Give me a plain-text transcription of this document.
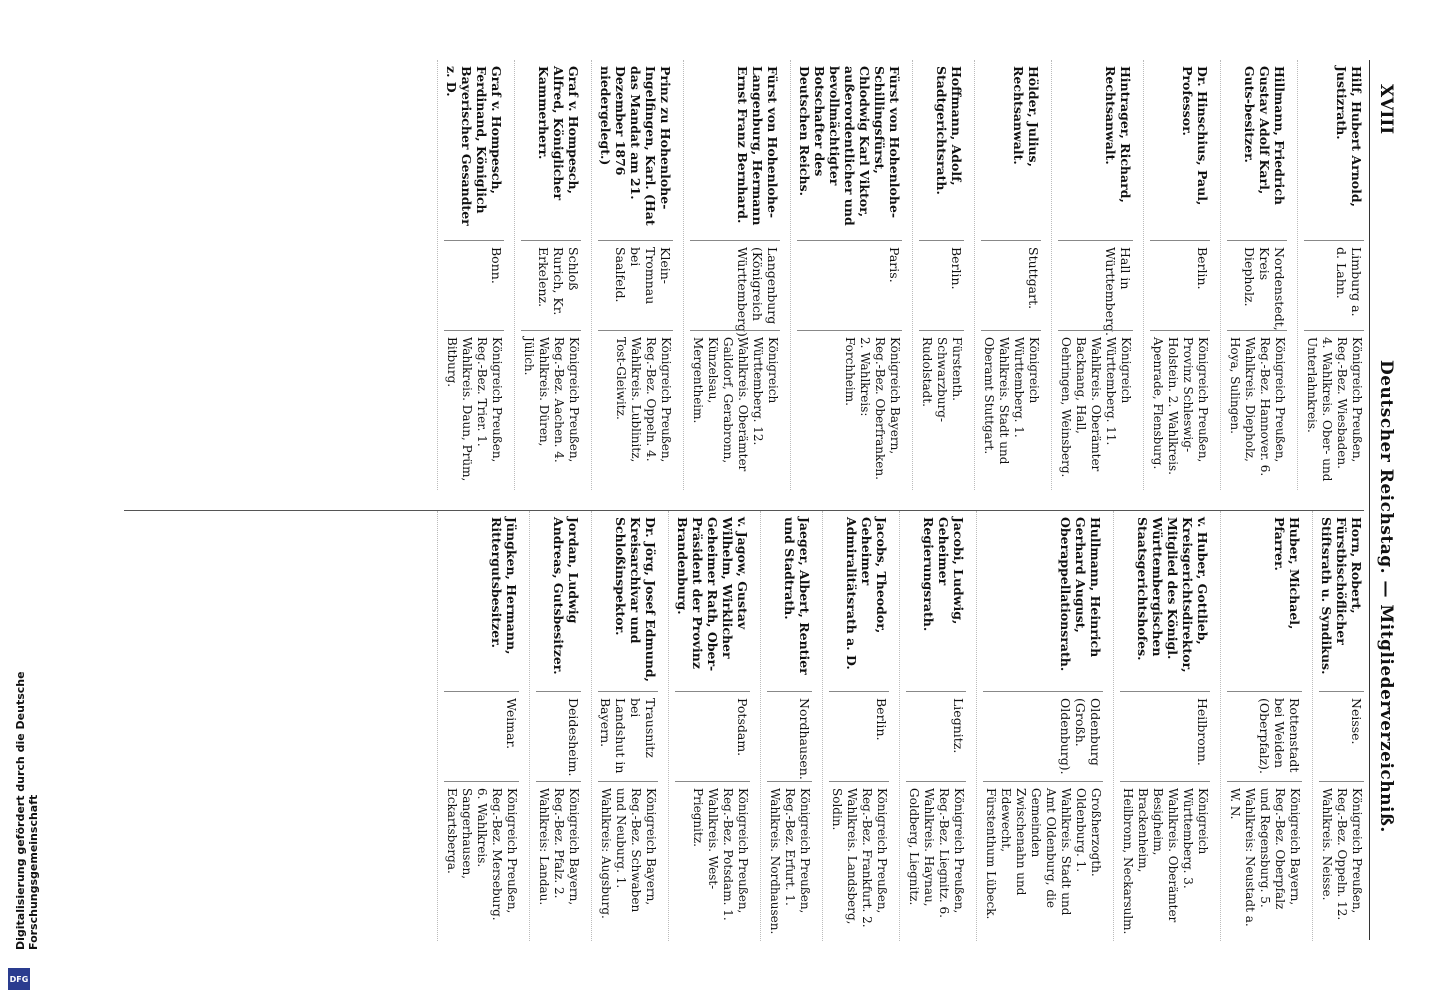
XVIII
Deutscher Reichstag. — Mitgliederverzeichniß.
Hilf, Hubert Arnold, Justizrath.
Limburg a. d. Lahn.
Königreich Preußen, Reg.-Bez. Wiesbaden. 4. Wahlkreis. Ober- und Unterlahnkreis.
Hillmann, Friedrich Gustav Adolf Karl, Guts-besitzer.
Nordenstedt, Kreis Diepholz.
Königreich Preußen, Reg.-Bez. Hannover. 6. Wahlkreis. Diepholz, Hoya, Sulingen.
Dr. Hinschius, Paul, Professor.
Berlin.
Königreich Preußen, Provinz Schleswig-Holstein. 2. Wahlkreis. Apenrade, Flensburg.
Hintrager, Richard, Rechtsanwalt.
Hall in Württemberg.
Königreich Württemberg. 11. Wahlkreis. Oberämter Backnang, Hall, Oehringen, Weinsberg.
Hölder, Julius, Rechtsanwalt.
Stuttgart.
Königreich Württemberg. 1. Wahlkreis. Stadt und Oberamt Stuttgart.
Hoffmann, Adolf, Stadtgerichtsrath.
Berlin.
Fürstenth. Schwarzburg-Rudolstadt.
Fürst von Hohenlohe-Schillingsfürst, Chlodwig Karl Viktor, außerordentlicher und bevollmächtigter Botschafter des Deutschen Reichs.
Paris.
Königreich Bayern, Reg.-Bez. Oberfranken. 2. Wahlkreis: Forchheim.
Fürst von Hohenlohe-Langenburg, Hermann Ernst Franz Bernhard.
Langenburg (Königreich Württemberg).
Königreich Württemberg. 12. Wahlkreis. Oberämter Gaildorf, Gerabronn, Künzelsau, Mergentheim.
Prinz zu Hohenlohe-Ingelfingen, Karl. (Hat das Mandat am 21. Dezember 1876 niedergelegt.)
Klein-Tromnau bei Saalfeld.
Königreich Preußen, Reg.-Bez. Oppeln. 4. Wahlkreis. Lublinitz, Tost-Gleiwitz.
Graf v. Hompesch, Alfred, Königlicher Kammerherr.
Schloß Rurich, Kr. Erkelenz.
Königreich Preußen, Reg.-Bez. Aachen. 4. Wahlkreis. Düren, Jülich.
Graf v. Hompesch, Ferdinand, Königlich Bayerischer Gesandter z. D.
Bonn.
Königreich Preußen, Reg.-Bez. Trier. 1. Wahlkreis. Daun, Prüm, Bitburg.
Horn, Robert, Fürstbischöflicher Stiftsrath u. Syndikus.
Neisse.
Königreich Preußen, Reg.-Bez. Oppeln. 12. Wahlkreis. Neisse.
Huber, Michael, Pfarrer.
Rottenstadt bei Weiden (Oberpfalz).
Königreich Bayern, Reg.-Bez. Oberpfalz und Regensburg. 5. Wahlkreis: Neustadt a. W. N.
v. Huber, Gottlieb, Kreisgerichtsdirektor, Mitglied des Königl. Württembergischen Staatsgerichtshofes.
Heilbronn.
Königreich Württemberg. 3. Wahlkreis. Oberämter Besigheim, Brackenheim, Heilbronn, Neckarsulm.
Hullmann, Heinrich Gerhard August, Oberappellationsrath.
Oldenburg (Großh. Oldenburg).
Großherzogth. Oldenburg. 1. Wahlkreis. Stadt und Amt Oldenburg, die Gemeinden Zwischenahn und Edewecht, Fürstenthum Lübeck.
Jacobi, Ludwig, Geheimer Regierungsrath.
Liegnitz.
Königreich Preußen, Reg.-Bez. Liegnitz. 6. Wahlkreis. Haynau, Goldberg, Liegnitz.
Jacobs, Theodor, Geheimer Admiralitätsrath a. D.
Berlin.
Königreich Preußen, Reg.-Bez. Frankfurt. 2. Wahlkreis. Landsberg, Soldin.
Jaeger, Albert, Rentier und Stadtrath.
Nordhausen.
Königreich Preußen, Reg.-Bez. Erfurt. 1. Wahlkreis. Nordhausen.
v. Jagow, Gustav Wilhelm, Wirklicher Geheimer Rath, Ober-Präsident der Provinz Brandenburg.
Potsdam.
Königreich Preußen, Reg.-Bez. Potsdam. 1. Wahlkreis. West-Priegnitz.
Dr. Jörg, Josef Edmund, Kreisarchivar und Schloßinspektor.
Trausnitz bei Landshut in Bayern.
Königreich Bayern, Reg.-Bez. Schwaben und Neuburg. 1. Wahlkreis: Augsburg.
Jordan, Ludwig Andreas, Gutsbesitzer.
Deidesheim.
Königreich Bayern, Reg.-Bez. Pfalz. 2. Wahlkreis: Landau.
Jüngken, Hermann, Rittergutsbesitzer.
Weimar.
Königreich Preußen, Reg.-Bez. Merseburg. 6. Wahlkreis. Sangerhausen, Eckartsberga.
Digitalisierung gefördert durch die Deutsche Forschungsgemeinschaft
DFG
